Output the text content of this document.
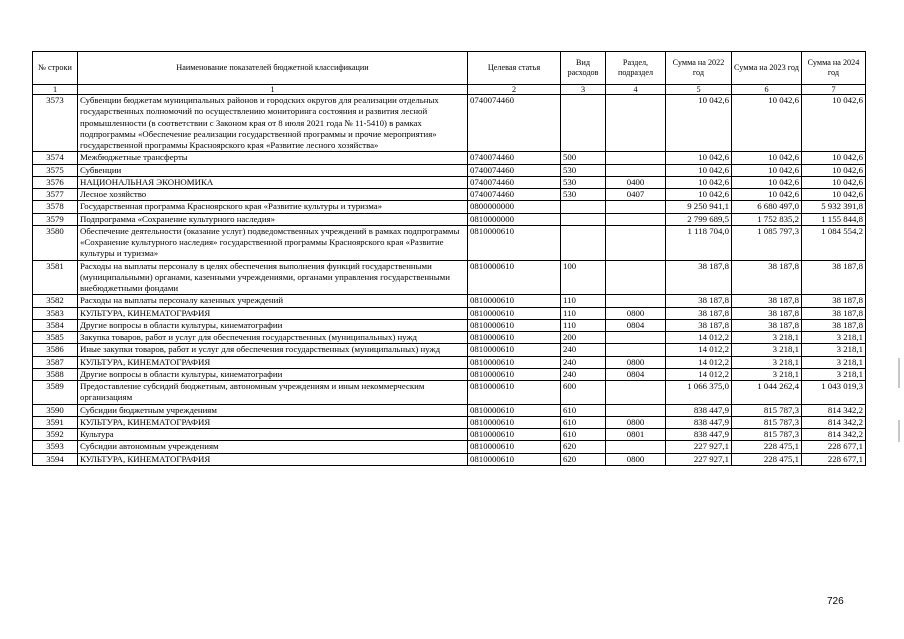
№ строки	Наименование показателей бюджетной классификации	Целевая статья	Вид расходов	Раздел, подраздел	Сумма на 2022 год	Сумма на 2023 год	Сумма на 2024 год
1	1	2	3	4	5	6	7
3573	Субвенции бюджетам муниципальных районов и городских округов для реализации отдельных государственных полномочий по осуществлению мониторинга состояния и развития лесной промышленности (в соответствии с Законом края от 8 июля 2021 года № 11-5410) в рамках подпрограммы «Обеспечение реализации государственной программы и прочие мероприятия» государственной программы Красноярского края «Развитие лесного хозяйства»	0740074460			10 042,6	10 042,6	10 042,6
3574	Межбюджетные трансферты	0740074460	500		10 042,6	10 042,6	10 042,6
3575	Субвенции	0740074460	530		10 042,6	10 042,6	10 042,6
3576	НАЦИОНАЛЬНАЯ ЭКОНОМИКА	0740074460	530	0400	10 042,6	10 042,6	10 042,6
3577	Лесное хозяйство	0740074460	530	0407	10 042,6	10 042,6	10 042,6
3578	Государственная программа Красноярского края «Развитие культуры и туризма»	0800000000			9 250 941,1	6 680 497,0	5 932 391,8
3579	Подпрограмма «Сохранение культурного наследия»	0810000000			2 799 689,5	1 752 835,2	1 155 844,8
3580	Обеспечение деятельности (оказание услуг) подведомственных учреждений в рамках подпрограммы «Сохранение культурного наследия» государственной программы Красноярского края «Развитие культуры и туризма»	0810000610			1 118 704,0	1 085 797,3	1 084 554,2
3581	Расходы на выплаты персоналу в целях обеспечения выполнения функций государственными (муниципальными) органами, казенными учреждениями, органами управления государственными внебюджетными фондами	0810000610	100		38 187,8	38 187,8	38 187,8
3582	Расходы на выплаты персоналу казенных учреждений	0810000610	110		38 187,8	38 187,8	38 187,8
3583	КУЛЬТУРА, КИНЕМАТОГРАФИЯ	0810000610	110	0800	38 187,8	38 187,8	38 187,8
3584	Другие вопросы в области культуры, кинематографии	0810000610	110	0804	38 187,8	38 187,8	38 187,8
3585	Закупка товаров, работ и услуг для обеспечения государственных (муниципальных) нужд	0810000610	200		14 012,2	3 218,1	3 218,1
3586	Иные закупки товаров, работ и услуг для обеспечения государственных (муниципальных) нужд	0810000610	240		14 012,2	3 218,1	3 218,1
3587	КУЛЬТУРА, КИНЕМАТОГРАФИЯ	0810000610	240	0800	14 012,2	3 218,1	3 218,1
3588	Другие вопросы в области культуры, кинематографии	0810000610	240	0804	14 012,2	3 218,1	3 218,1
3589	Предоставление субсидий бюджетным, автономным учреждениям и иным некоммерческим организациям	0810000610	600		1 066 375,0	1 044 262,4	1 043 019,3
3590	Субсидии бюджетным учреждениям	0810000610	610		838 447,9	815 787,3	814 342,2
3591	КУЛЬТУРА, КИНЕМАТОГРАФИЯ	0810000610	610	0800	838 447,9	815 787,3	814 342,2
3592	Культура	0810000610	610	0801	838 447,9	815 787,3	814 342,2
3593	Субсидии автономным учреждениям	0810000610	620		227 927,1	228 475,1	228 677,1
3594	КУЛЬТУРА, КИНЕМАТОГРАФИЯ	0810000610	620	0800	227 927,1	228 475,1	228 677,1
726
